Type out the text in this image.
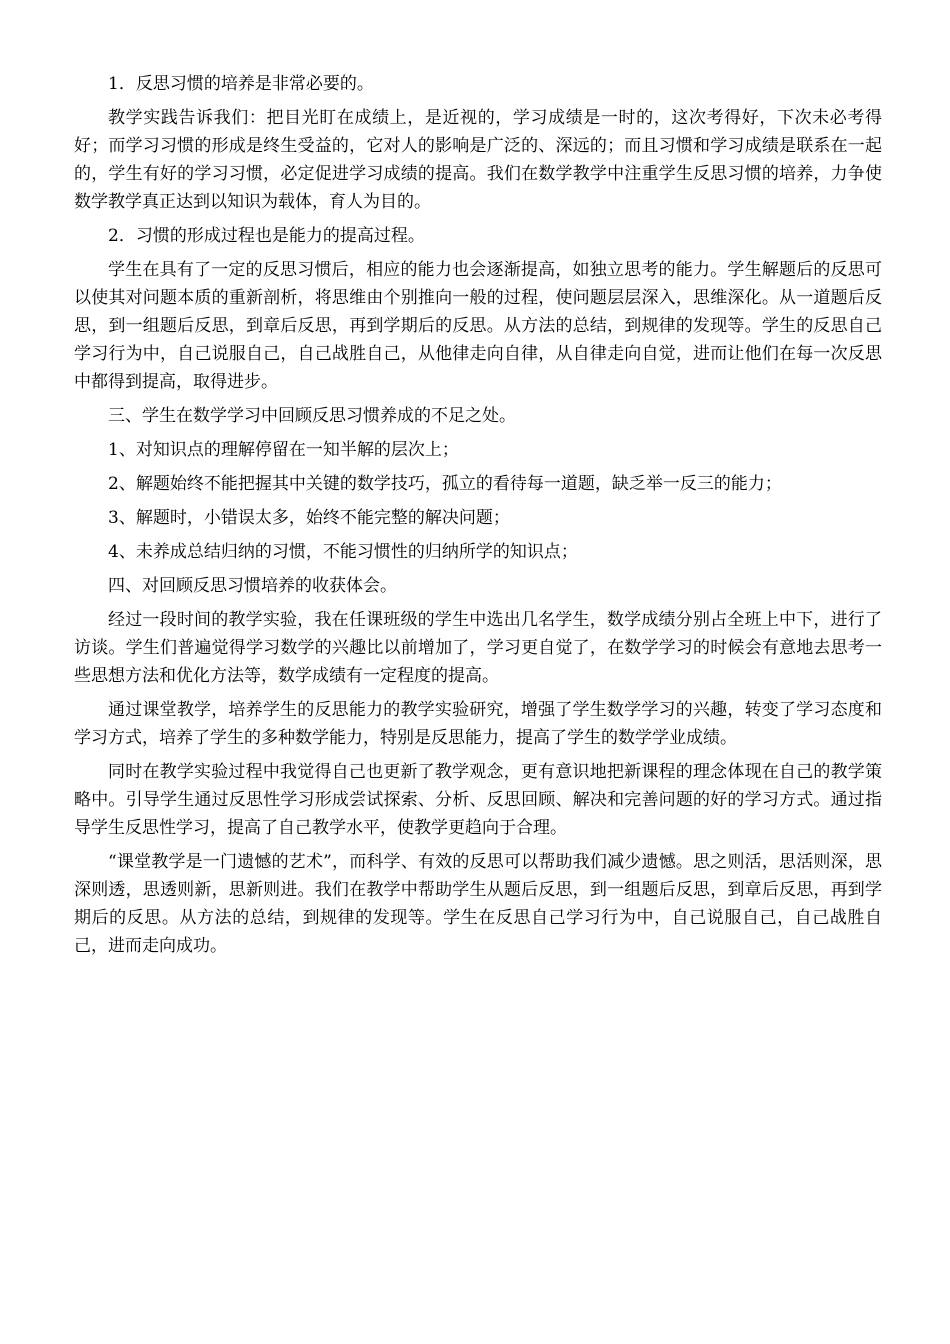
1．反思习惯的培养是非常必要的。

教学实践告诉我们：把目光盯在成绩上，是近视的，学习成绩是一时的，这次考得好，下次未必考得好；而学习习惯的形成是终生受益的，它对人的影响是广泛的、深远的；而且习惯和学习成绩是联系在一起的，学生有好的学习习惯，必定促进学习成绩的提高。我们在数学教学中注重学生反思习惯的培养，力争使数学教学真正达到以知识为载体，育人为目的。

2．习惯的形成过程也是能力的提高过程。

学生在具有了一定的反思习惯后，相应的能力也会逐渐提高，如独立思考的能力。学生解题后的反思可以使其对问题本质的重新剖析，将思维由个别推向一般的过程，使问题层层深入，思维深化。从一道题后反思，到一组题后反思，到章后反思，再到学期后的反思。从方法的总结，到规律的发现等。学生的反思自己学习行为中，自己说服自己，自己战胜自己，从他律走向自律，从自律走向自觉，进而让他们在每一次反思中都得到提高，取得进步。

三、学生在数学学习中回顾反思习惯养成的不足之处。

1、对知识点的理解停留在一知半解的层次上；

2、解题始终不能把握其中关键的数学技巧，孤立的看待每一道题，缺乏举一反三的能力；

3、解题时，小错误太多，始终不能完整的解决问题；

4、未养成总结归纳的习惯，不能习惯性的归纳所学的知识点；

四、对回顾反思习惯培养的收获体会。

经过一段时间的教学实验，我在任课班级的学生中选出几名学生，数学成绩分别占全班上中下，进行了访谈。学生们普遍觉得学习数学的兴趣比以前增加了，学习更自觉了，在数学学习的时候会有意地去思考一些思想方法和优化方法等，数学成绩有一定程度的提高。

通过课堂教学，培养学生的反思能力的教学实验研究，增强了学生数学学习的兴趣，转变了学习态度和学习方式，培养了学生的多种数学能力，特别是反思能力，提高了学生的数学学业成绩。

同时在教学实验过程中我觉得自己也更新了教学观念，更有意识地把新课程的理念体现在自己的教学策略中。引导学生通过反思性学习形成尝试探索、分析、反思回顾、解决和完善问题的好的学习方式。通过指导学生反思性学习，提高了自己教学水平，使教学更趋向于合理。

“课堂教学是一门遗憾的艺术”，而科学、有效的反思可以帮助我们减少遗憾。思之则活，思活则深，思深则透，思透则新，思新则进。我们在教学中帮助学生从题后反思，到一组题后反思，到章后反思，再到学期后的反思。从方法的总结，到规律的发现等。学生在反思自己学习行为中，自己说服自己，自己战胜自己，进而走向成功。
